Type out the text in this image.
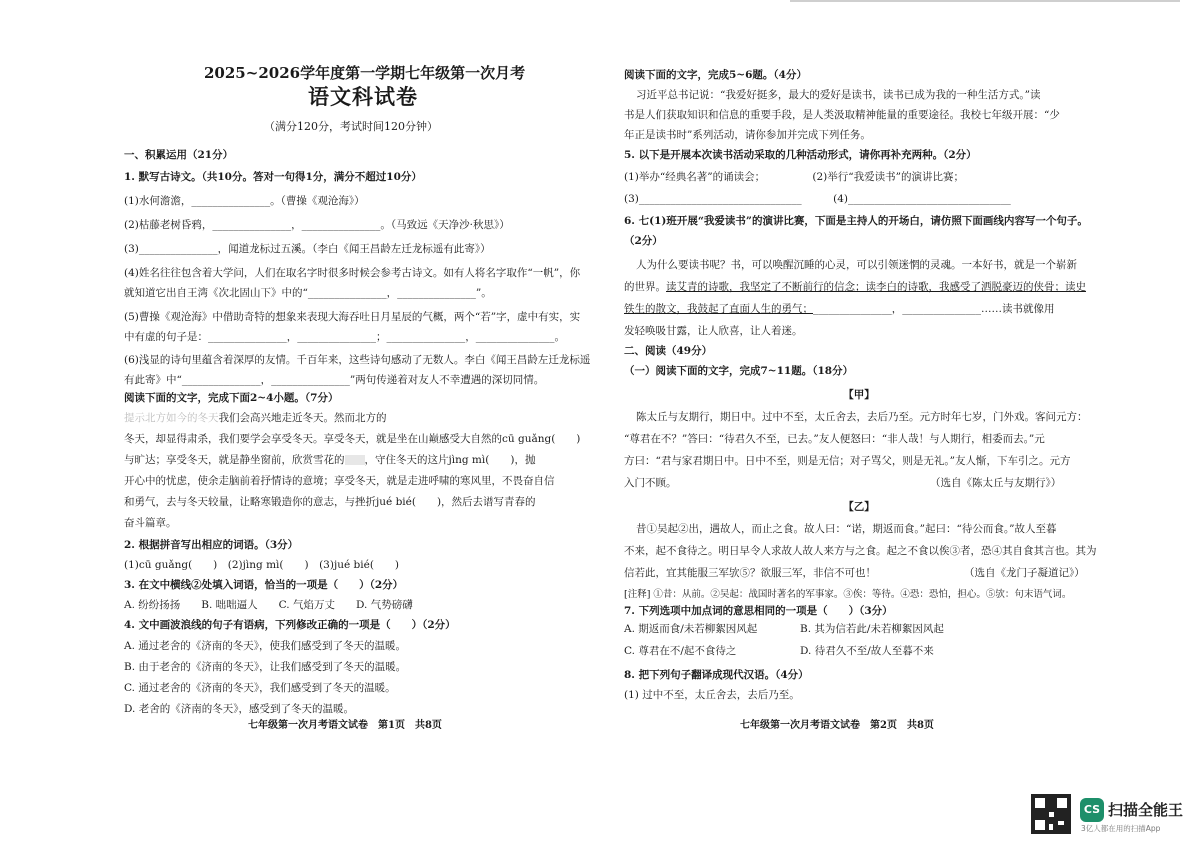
2025~2026学年度第一学期七年级第一次月考
语文科试卷
（满分120分，考试时间120分钟）
一、积累运用（21分）
1. 默写古诗文。（共10分。答对一句得1分，满分不超过10分）
(1)水何澹澹，_______________。（曹操《观沧海》）
(2)枯藤老树昏鸦，_______________，_______________。（马致远《天净沙·秋思》）
(3)_______________，闻道龙标过五溪。（李白《闻王昌龄左迁龙标遥有此寄》）
(4)姓名往往包含着大学问，人们在取名字时很多时候会参考古诗文。如有人将名字取作“一帆”，你
就知道它出自王湾《次北固山下》中的“_______________，_______________”。
(5)曹操《观沧海》中借助奇特的想象来表现大海吞吐日月星辰的气概，两个“若”字，虚中有实，实
中有虚的句子是：_______________，_______________；_______________，_______________。
(6)浅显的诗句里蕴含着深厚的友情。千百年来，这些诗句感动了无数人。李白《闻王昌龄左迁龙标遥
有此寄》中“_______________，_______________”两句传递着对友人不幸遭遇的深切同情。
阅读下面的文字，完成下面2~4小题。（7分）
提示北方如今的冬天我们会高兴地走近冬天。然而北方的
冬天，却显得肃杀，我们要学会享受冬天。享受冬天，就是坐在山巅感受大自然的cū guǎng(　　)
与旷达；享受冬天，就是静坐窗前，欣赏雪花的 ，守住冬天的这片jìng mì(　　)，抛
开心中的忧虑，使余走脑前着抒情诗的意境；享受冬天，就是走进呼啸的寒风里，不畏奋自信
和勇气，去与冬天较量，让略寒锻造你的意志，与挫折jué bié(　　)，然后去谱写青春的
奋斗篇章。
2. 根据拼音写出相应的词语。（3分）
(1)cū guǎng(　　)　(2)jìng mì(　　)　(3)jué bié(　　)
3. 在文中横线②处填入词语，恰当的一项是（　　）（2分）
A. 纷纷扬扬　　B. 咄咄逼人　　C. 气焰万丈　　D. 气势磅礴
4. 文中画波浪线的句子有语病，下列修改正确的一项是（　　）（2分）
A. 通过老舍的《济南的冬天》，使我们感受到了冬天的温暖。
B. 由于老舍的《济南的冬天》，让我们感受到了冬天的温暖。
C. 通过老舍的《济南的冬天》，我们感受到了冬天的温暖。
D. 老舍的《济南的冬天》，感受到了冬天的温暖。
七年级第一次月考语文试卷　第1页　共8页
阅读下面的文字，完成5~6题。（4分）
习近平总书记说：“我爱好挺多，最大的爱好是读书，读书已成为我的一种生活方式。”读
书是人们获取知识和信息的重要手段，是人类汲取精神能量的重要途径。我校七年级开展：“少
年正是读书时”系列活动，请你参加并完成下列任务。
5. 以下是开展本次读书活动采取的几种活动形式，请你再补充两种。（2分）
(1)举办“经典名著”的诵读会；　　　　　(2)举行“我爱读书”的演讲比赛；
(3)_______________________________　　　(4)_______________________________
6. 七(1)班开展“我爱读书”的演讲比赛，下面是主持人的开场白，请仿照下面画线内容写一个句子。
（2分）
人为什么要读书呢？书，可以唤醒沉睡的心灵，可以引领迷惘的灵魂。一本好书，就是一个崭新
的世界。读艾青的诗歌，我坚定了不断前行的信念；读李白的诗歌，我感受了洒脱豪迈的侠骨；读史
铁生的散文，我鼓起了直面人生的勇气；_______________，_______________……读书就像用
发轻唤吸甘露，让人欣喜，让人着迷。
二、阅读（49分）
（一）阅读下面的文字，完成7~11题。（18分）
【甲】
陈太丘与友期行，期日中。过中不至，太丘舍去，去后乃至。元方时年七岁，门外戏。客问元方：
“尊君在不？”答曰：“待君久不至，已去。”友人便怒曰：“非人哉！与人期行，相委而去。”元
方曰：“君与家君期日中。日中不至，则是无信；对子骂父，则是无礼。”友人惭，下车引之。元方
入门不顾。	（选自《陈太丘与友期行》）
【乙】
昔①吴起②出，遇故人，而止之食。故人曰：“诺，期返而食。”起曰：“待公而食。”故人至暮
不来，起不食待之。明日早令人求故人故人来方与之食。起之不食以俟③者，恐④其自食其言也。其为
信若此，宜其能服三军欤⑤？欲服三军，非信不可也！	（选自《龙门子凝道记》）
[注释] ①昔：从前。②吴起：战国时著名的军事家。③俟：等待。④恐：恐怕，担心。⑤欤：句末语气词。
7. 下列选项中加点词的意思相同的一项是（　　）（3分）
A. 期返而食/未若柳絮因风起	B. 其为信若此/未若柳絮因风起
C. 尊君在不/起不食待之	D. 待君久不至/故人至暮不来
8. 把下列句子翻译成现代汉语。（4分）
(1) 过中不至，太丘舍去，去后乃至。
七年级第一次月考语文试卷　第2页　共8页
CS 扫描全能王
3亿人都在用的扫描App
